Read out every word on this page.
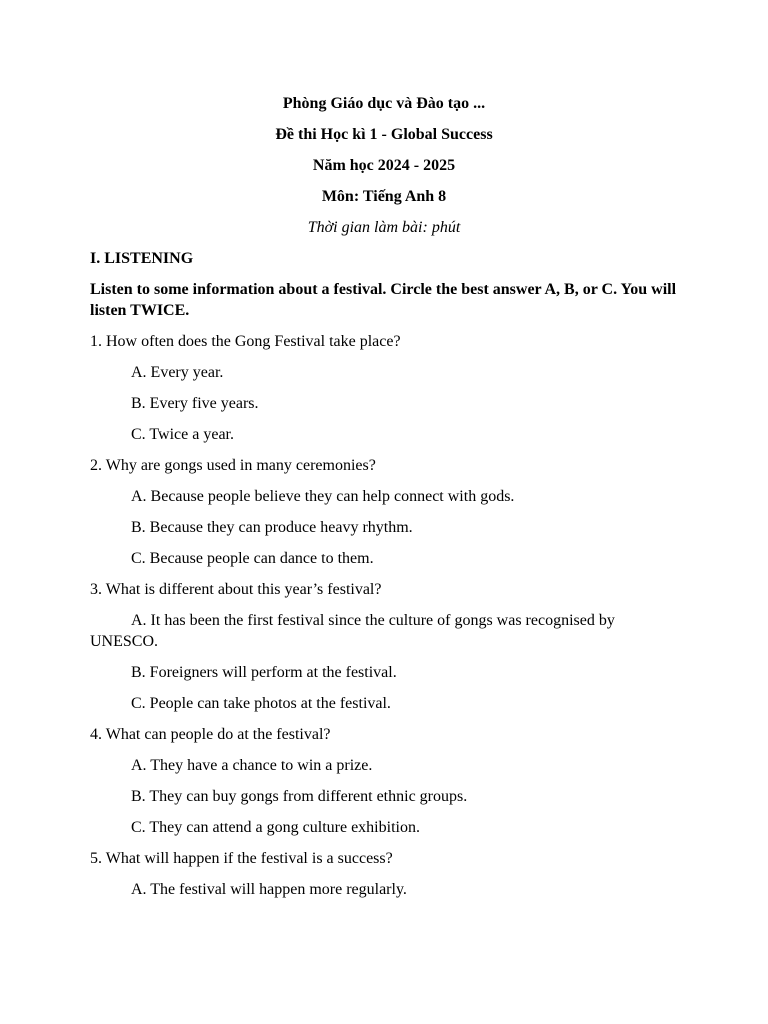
Phòng Giáo dục và Đào tạo ...

Đề thi Học kì 1 - Global Success

Năm học 2024 - 2025

Môn: Tiếng Anh 8

Thời gian làm bài: phút

I. LISTENING

Listen to some information about a festival. Circle the best answer A, B, or C. You will listen TWICE.

1. How often does the Gong Festival take place?

A. Every year.

B. Every five years.

C. Twice a year.

2. Why are gongs used in many ceremonies?

A. Because people believe they can help connect with gods.

B. Because they can produce heavy rhythm.

C. Because people can dance to them.

3. What is different about this year’s festival?

A. It has been the first festival since the culture of gongs was recognised by UNESCO.

B. Foreigners will perform at the festival.

C. People can take photos at the festival.

4. What can people do at the festival?

A. They have a chance to win a prize.

B. They can buy gongs from different ethnic groups.

C. They can attend a gong culture exhibition.

5. What will happen if the festival is a success?

A. The festival will happen more regularly.
